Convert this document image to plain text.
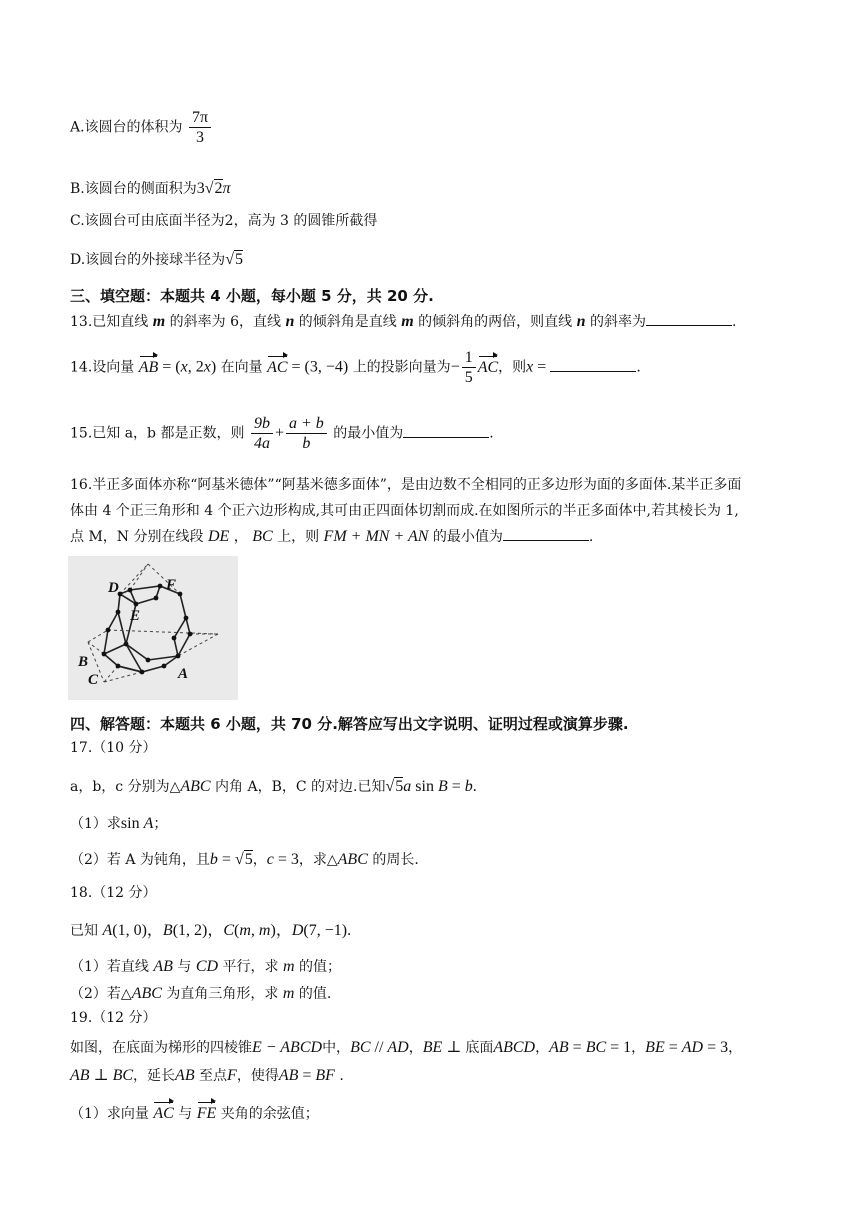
A.该圆台的体积为 $\frac{7\pi}{3}$
B.该圆台的侧面积为3√2π
C.该圆台可由底面半径为2，高为 3 的圆锥所截得
D.该圆台的外接球半径为√5
三、填空题：本题共 4 小题，每小题 5 分，共 20 分.
13.已知直线 m 的斜率为 6，直线 n 的倾斜角是直线 m 的倾斜角的两倍，则直线 n 的斜率为	.
14.设向量 AB = (x, 2x) 在向量 AC = (3, −4) 上的投影向量为− $\frac{1}{5}$ AC，则x =	.
15.已知 a，b 都是正数，则 $\frac{9b}{4a} + \frac{a + b}{b}$ 的最小值为	.
16.半正多面体亦称“阿基米德体”“阿基米德多面体”，是由边数不全相同的正多边形为面的多面体.某半正多面
体由 4 个正三角形和 4 个正六边形构成,其可由正四面体切割而成.在如图所示的半正多面体中,若其棱长为 1,
点 M，N 分别在线段 DE ， BC 上，则 FM + MN + AN 的最小值为	.
D	F
E
B
C	A
四、解答题：本题共 6 小题，共 70 分.解答应写出文字说明、证明过程或演算步骤.
17.（10 分）
a，b，c 分别为△ABC 内角 A，B，C 的对边.已知√5a sin B = b.
（1）求sin A；
（2）若 A 为钝角，且b = √5，c = 3，求△ABC 的周长.
18.（12 分）
已知 A(1, 0)，B(1, 2)，C(m, m)，D(7, −1).
（1）若直线 AB 与 CD 平行，求 m 的值；
（2）若△ABC 为直角三角形，求 m 的值.
19.（12 分）
如图，在底面为梯形的四棱锥E − ABCD中，BC // AD，BE ⊥ 底面ABCD，AB = BC = 1，BE = AD = 3，
AB ⊥ BC，延长AB 至点F，使得AB = BF .
（1）求向量 AC 与 FE 夹角的余弦值；
